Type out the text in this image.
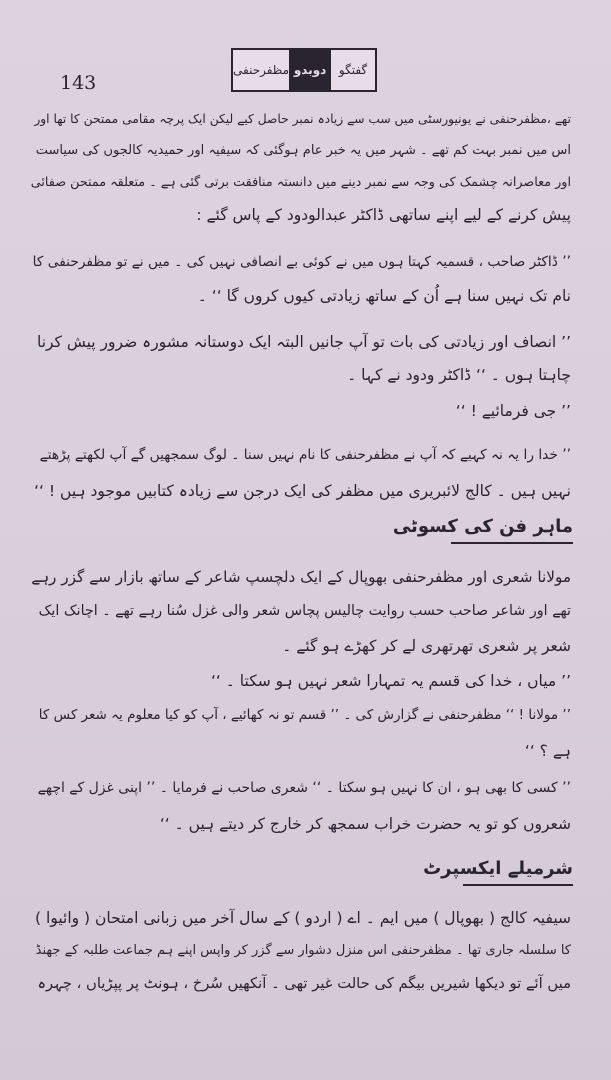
143
گفتگو
دوبدو
مظفرحنفی
تھے ،مظفرحنفی نے یونیورسٹی میں سب سے زیادہ نمبر حاصل کیے لیکن ایک پرچہ مقامی ممتحن کا تھا اور
اس میں نمبر بہت کم تھے ۔ شہر میں یہ خبر عام ہوگئی کہ سیفیہ اور حمیدیہ کالجوں کی سیاست
اور معاصرانہ چشمک کی وجہ سے نمبر دینے میں دانستہ منافقت برتی گئی ہے ۔ متعلقہ ممتحن صفائی
پیش کرنے کے لیے اپنے ساتھی ڈاکٹر عبدالودود کے پاس گئے :
’’ ڈاکٹر صاحب ، قسمیہ کہتا ہوں میں نے کوئی بے انصافی نہیں کی ۔ میں نے تو مظفرحنفی کا
نام تک نہیں سنا ہے اُن کے ساتھ زیادتی کیوں کروں گا ‘‘ ۔
’’ انصاف اور زیادتی کی بات تو آپ جانیں البتہ ایک دوستانہ مشورہ ضرور پیش کرنا
چاہتا ہوں ۔ ‘‘ ڈاکٹر ودود نے کہا ۔
’’ جی فرمائیے ! ‘‘
’’ خدا را یہ نہ کہیے کہ آپ نے مظفرحنفی کا نام نہیں سنا ۔ لوگ سمجھیں گے آپ لکھتے پڑھتے
نہیں ہیں ۔ کالج لائبریری میں مظفر کی ایک درجن سے زیادہ کتابیں موجود ہیں ! ‘‘
ماہر فن کی کسوٹی
مولانا شعری اور مظفرحنفی بھوپال کے ایک دلچسپ شاعر کے ساتھ بازار سے گزر رہے
تھے اور شاعر صاحب حسب روایت چالیس پچاس شعر والی غزل سُنا رہے تھے ۔ اچانک ایک
شعر پر شعری تھرتھری لے کر کھڑے ہو گئے ۔
’’ میاں ، خدا کی قسم یہ تمہارا شعر نہیں ہو سکتا ۔ ‘‘
’’ مولانا ! ‘‘ مظفرحنفی نے گزارش کی ۔ ’’ قسم تو نہ کھائیے ، آپ کو کیا معلوم یہ شعر کس کا
ہے ؟ ‘‘
’’ کسی کا بھی ہو ، ان کا نہیں ہو سکتا ۔ ‘‘ شعری صاحب نے فرمایا ۔ ’’ اپنی غزل کے اچھے
شعروں کو تو یہ حضرت خراب سمجھ کر خارج کر دیتے ہیں ۔ ‘‘
شرمیلے ایکسپرٹ
سیفیہ کالج ( بھوپال ) میں ایم ۔ اے ( اردو ) کے سال آخر میں زبانی امتحان ( وائیوا )
کا سلسلہ جاری تھا ۔ مظفرحنفی اس منزل دشوار سے گزر کر واپس اپنے ہم جماعت طلبہ کے جھنڈ
میں آئے تو دیکھا شیریں بیگم کی حالت غیر تھی ۔ آنکھیں سُرخ ، ہونٹ پر پپڑیاں ، چہرہ
